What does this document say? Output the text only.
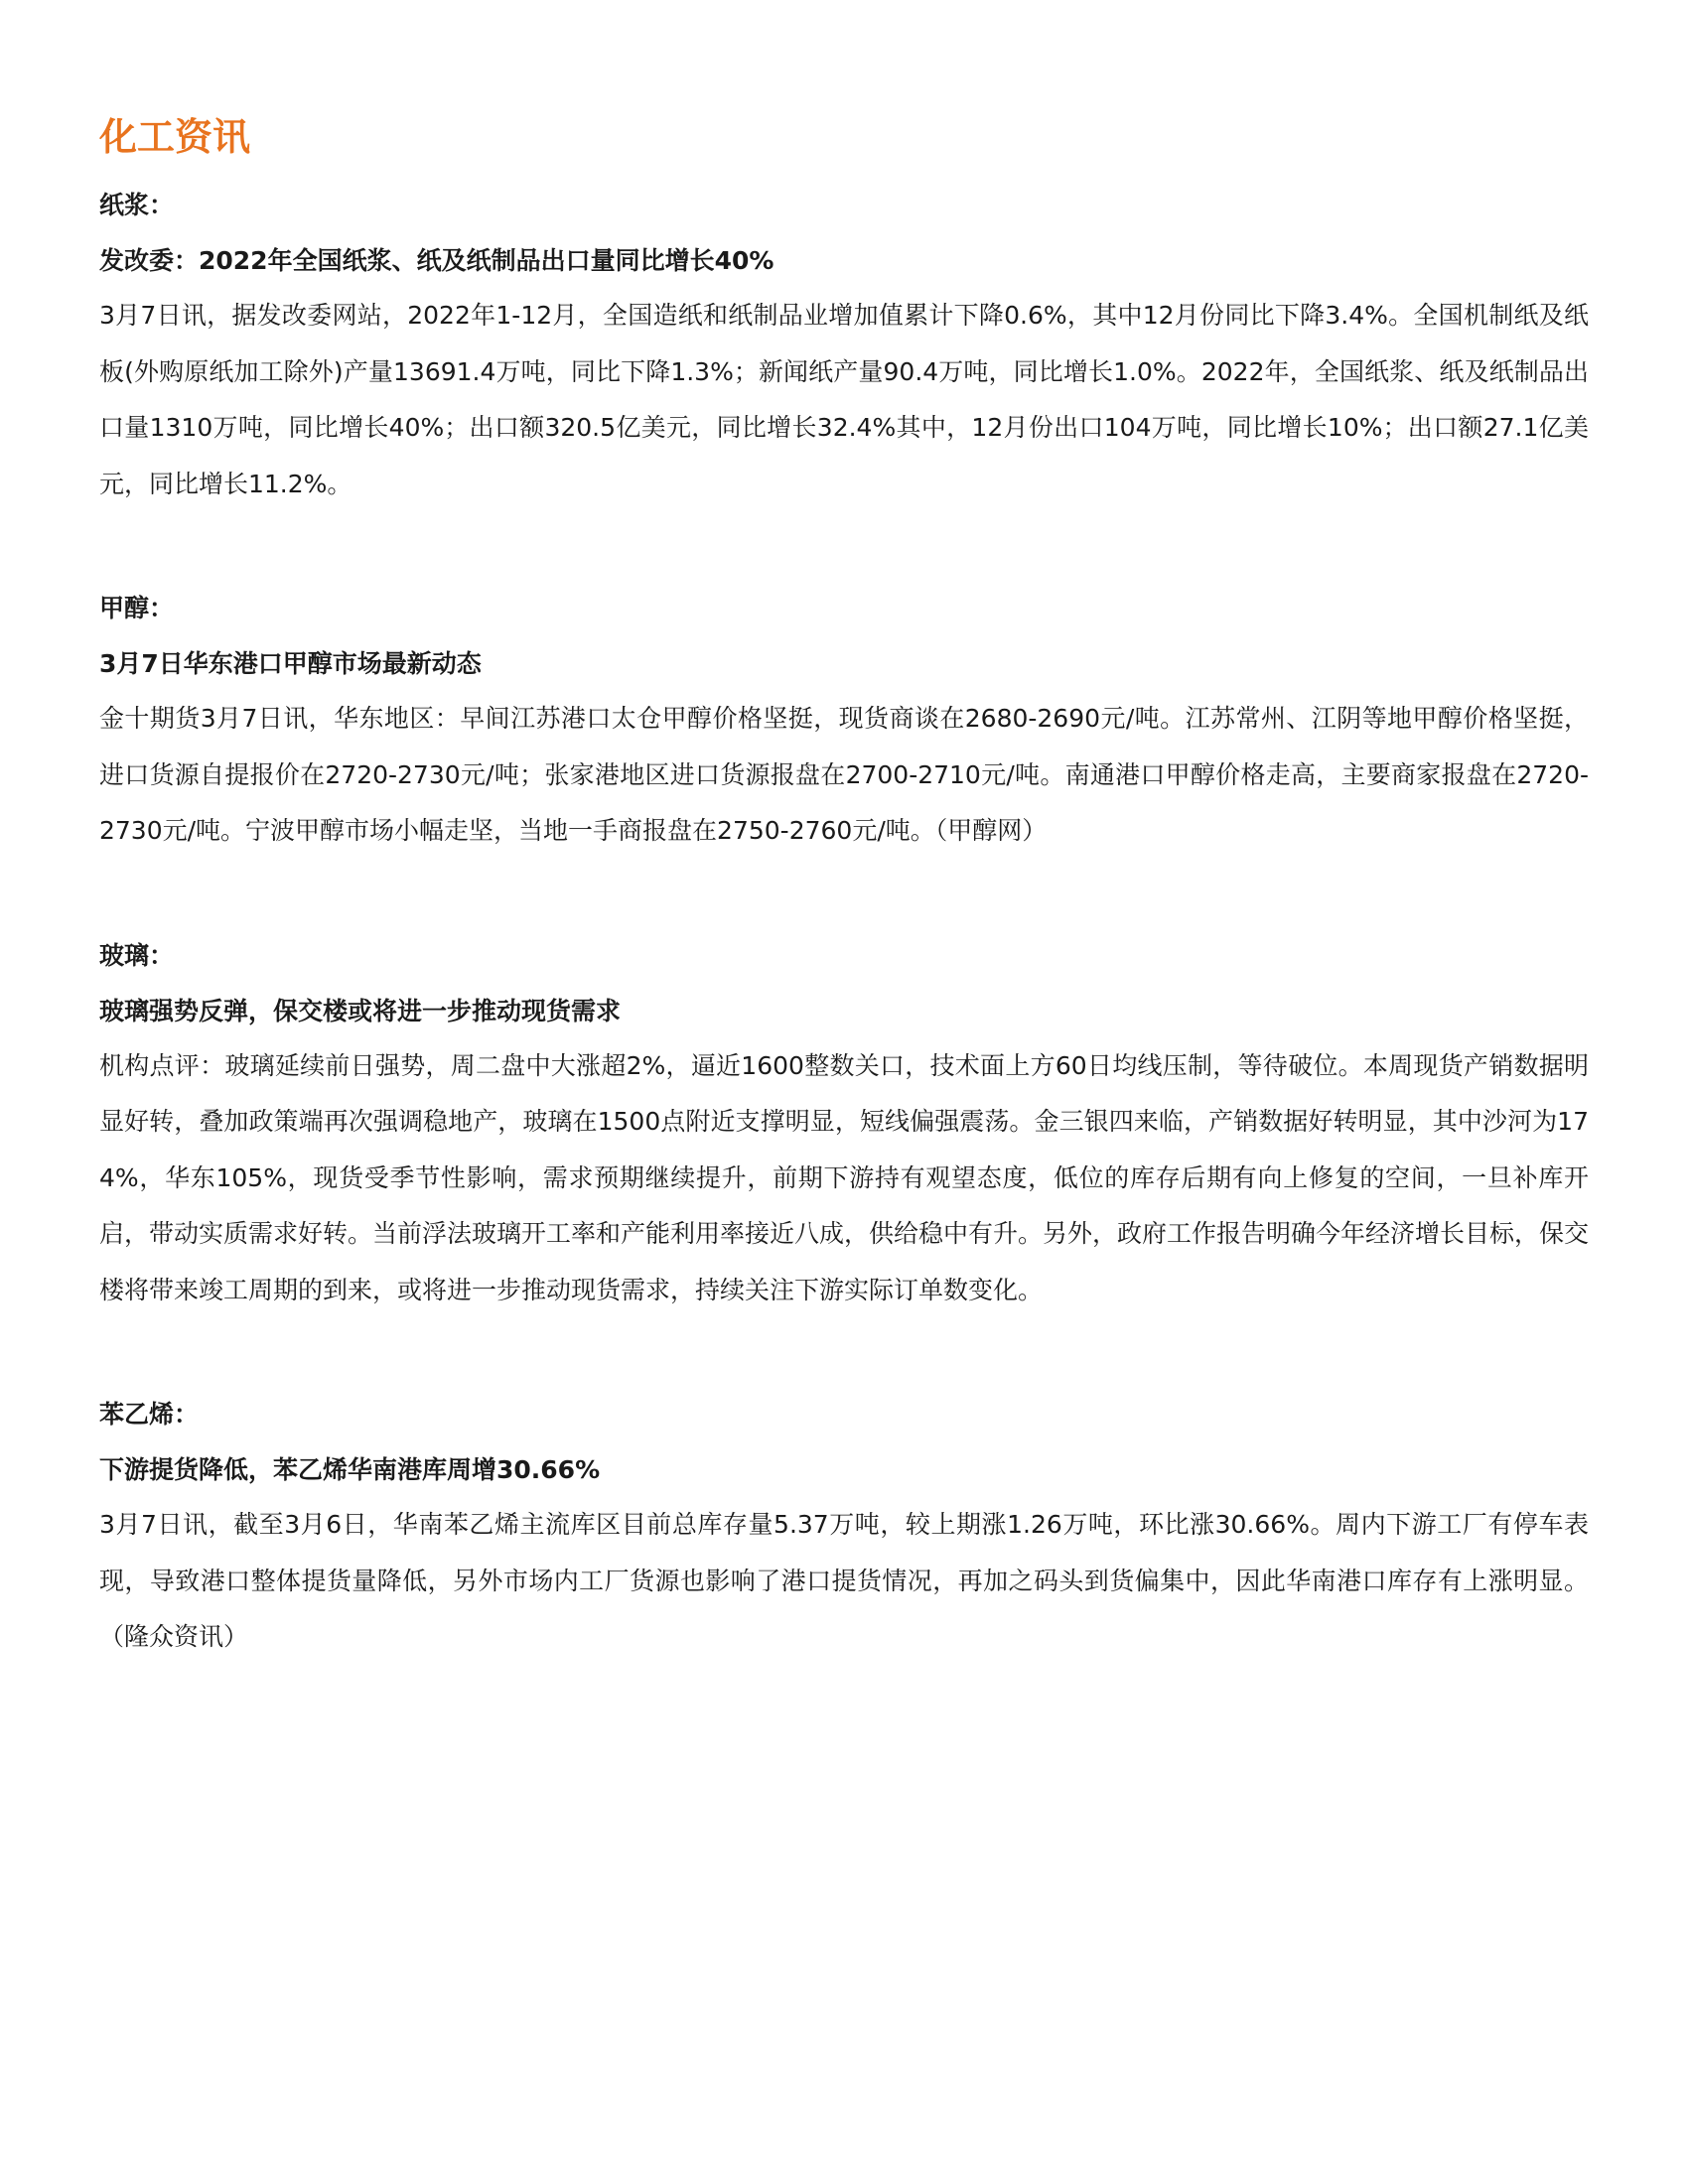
化工资讯

纸浆：

发改委：2022年全国纸浆、纸及纸制品出口量同比增长40%

3月7日讯，据发改委网站，2022年1-12月，全国造纸和纸制品业增加值累计下降0.6%，其中12月份同比下降3.4%。全国机制纸及纸板(外购原纸加工除外)产量13691.4万吨，同比下降1.3%；新闻纸产量90.4万吨，同比增长1.0%。2022年，全国纸浆、纸及纸制品出口量1310万吨，同比增长40%；出口额320.5亿美元，同比增长32.4%其中，12月份出口104万吨，同比增长10%；出口额27.1亿美元，同比增长11.2%。

甲醇：

3月7日华东港口甲醇市场最新动态

金十期货3月7日讯，华东地区：早间江苏港口太仓甲醇价格坚挺，现货商谈在2680-2690元/吨。江苏常州、江阴等地甲醇价格坚挺，进口货源自提报价在2720-2730元/吨；张家港地区进口货源报盘在2700-2710元/吨。南通港口甲醇价格走高，主要商家报盘在2720-2730元/吨。宁波甲醇市场小幅走坚，当地一手商报盘在2750-2760元/吨。（甲醇网）

玻璃：

玻璃强势反弹，保交楼或将进一步推动现货需求

机构点评：玻璃延续前日强势，周二盘中大涨超2%，逼近1600整数关口，技术面上方60日均线压制，等待破位。本周现货产销数据明显好转，叠加政策端再次强调稳地产，玻璃在1500点附近支撑明显，短线偏强震荡。金三银四来临，产销数据好转明显，其中沙河为174%，华东105%，现货受季节性影响，需求预期继续提升，前期下游持有观望态度，低位的库存后期有向上修复的空间，一旦补库开启，带动实质需求好转。当前浮法玻璃开工率和产能利用率接近八成，供给稳中有升。另外，政府工作报告明确今年经济增长目标，保交楼将带来竣工周期的到来，或将进一步推动现货需求，持续关注下游实际订单数变化。

苯乙烯：

下游提货降低，苯乙烯华南港库周增30.66%

3月7日讯，截至3月6日，华南苯乙烯主流库区目前总库存量5.37万吨，较上期涨1.26万吨，环比涨30.66%。周内下游工厂有停车表现，导致港口整体提货量降低，另外市场内工厂货源也影响了港口提货情况，再加之码头到货偏集中，因此华南港口库存有上涨明显。（隆众资讯）
